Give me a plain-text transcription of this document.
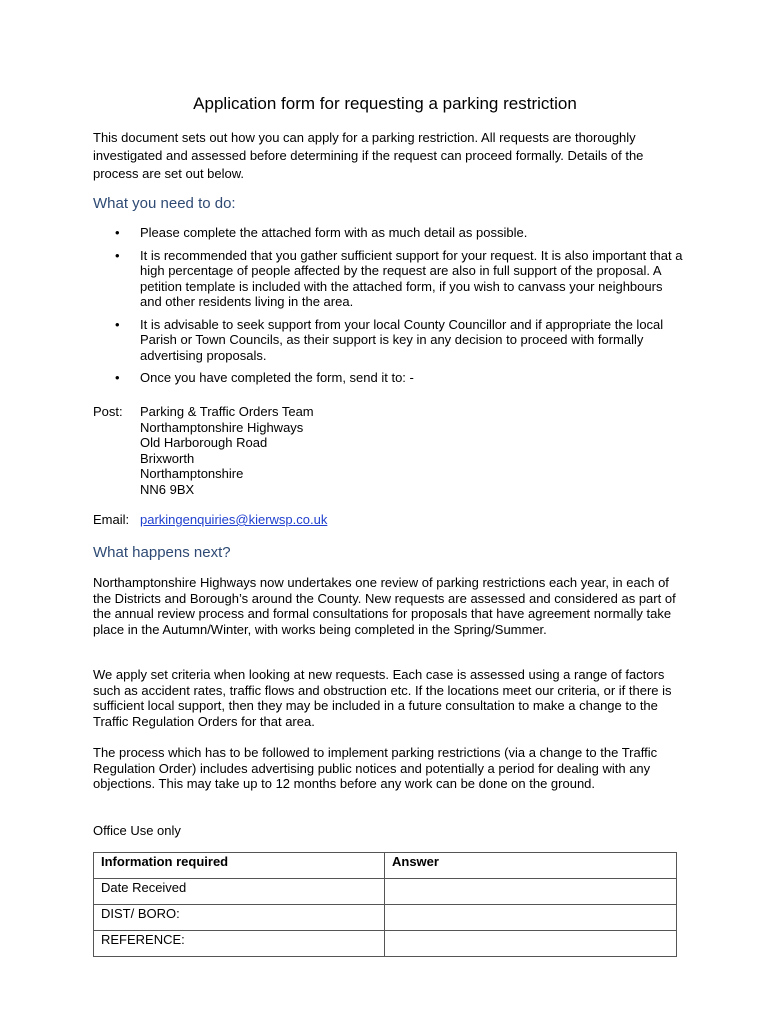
Application form for requesting a parking restriction
This document sets out how you can apply for a parking restriction. All requests are thoroughly investigated and assessed before determining if the request can proceed formally. Details of the process are set out below.
What you need to do:
• Please complete the attached form with as much detail as possible.
• It is recommended that you gather sufficient support for your request. It is also important that a high percentage of people affected by the request are also in full support of the proposal. A petition template is included with the attached form, if you wish to canvass your neighbours and other residents living in the area.
• It is advisable to seek support from your local County Councillor and if appropriate the local Parish or Town Councils, as their support is key in any decision to proceed with formally advertising proposals.
• Once you have completed the form, send it to: -
Post: Parking & Traffic Orders Team
Northamptonshire Highways
Old Harborough Road
Brixworth
Northamptonshire
NN6 9BX
Email: parkingenquiries@kierwsp.co.uk
What happens next?
Northamptonshire Highways now undertakes one review of parking restrictions each year, in each of the Districts and Borough’s around the County. New requests are assessed and considered as part of the annual review process and formal consultations for proposals that have agreement normally take place in the Autumn/Winter, with works being completed in the Spring/Summer.
We apply set criteria when looking at new requests. Each case is assessed using a range of factors such as accident rates, traffic flows and obstruction etc. If the locations meet our criteria, or if there is sufficient local support, then they may be included in a future consultation to make a change to the Traffic Regulation Orders for that area.
The process which has to be followed to implement parking restrictions (via a change to the Traffic Regulation Order) includes advertising public notices and potentially a period for dealing with any objections. This may take up to 12 months before any work can be done on the ground.
Office Use only
Information required	Answer
Date Received	
DIST/ BORO:	
REFERENCE:	
